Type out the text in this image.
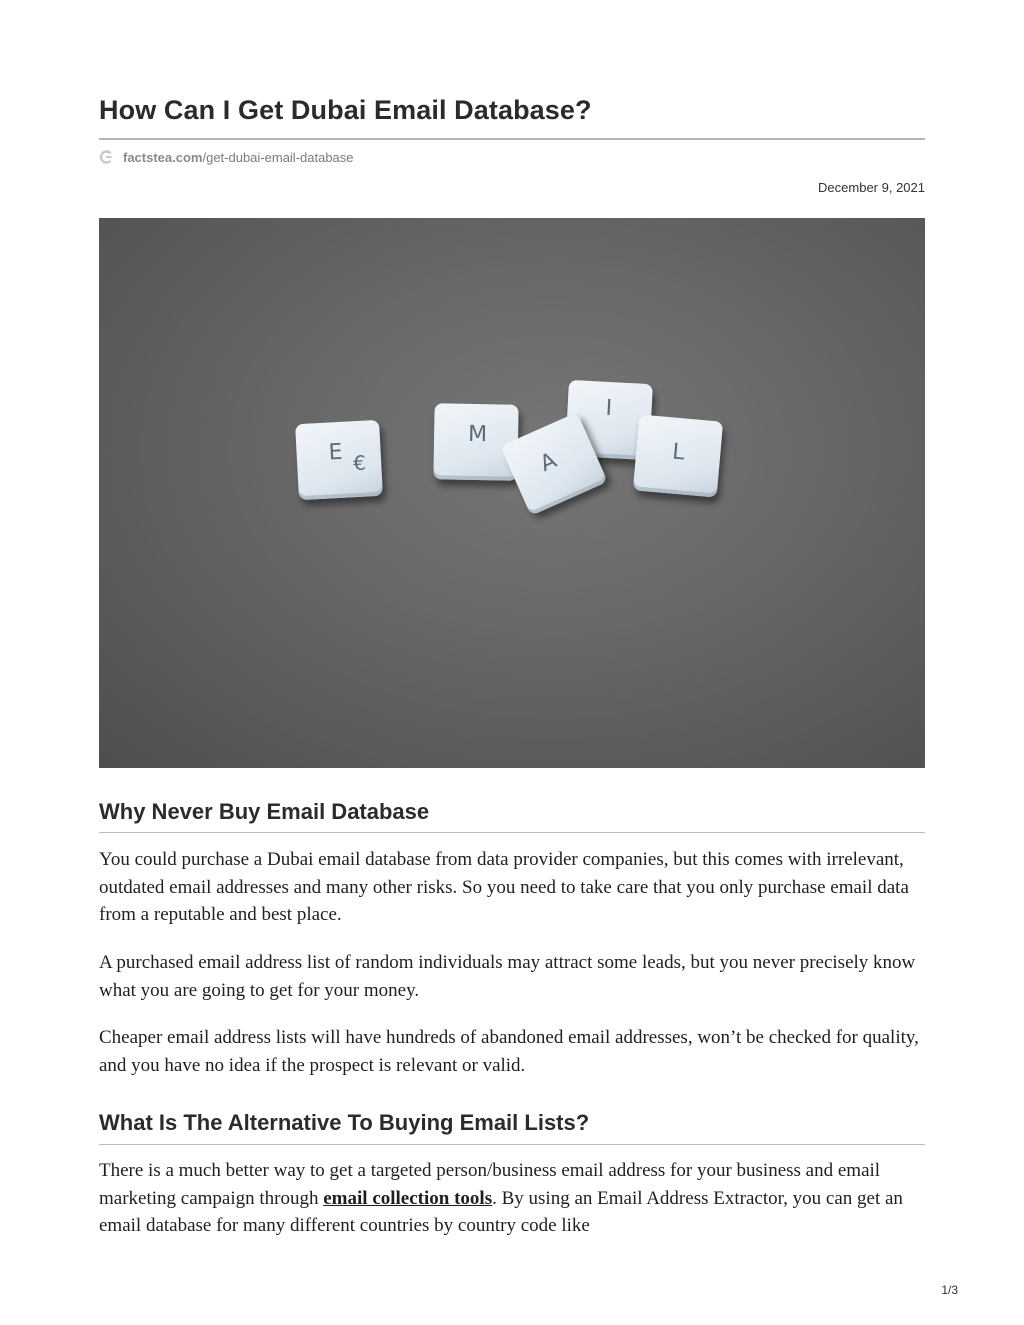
How Can I Get Dubai Email Database?
factstea.com /get-dubai-email-database
December 9, 2021
E €
M
I
A	L
Why Never Buy Email Database

You could purchase a Dubai email database from data provider companies, but this comes with irrelevant, outdated email addresses and many other risks. So you need to take care that you only purchase email data from a reputable and best place.

A purchased email address list of random individuals may attract some leads, but you never precisely know what you are going to get for your money.

Cheaper email address lists will have hundreds of abandoned email addresses, won’t be checked for quality, and you have no idea if the prospect is relevant or valid.

What Is The Alternative To Buying Email Lists?

There is a much better way to get a targeted person/business email address for your business and email marketing campaign through email collection tools. By using an Email Address Extractor, you can get an email database for many different countries by country code like

1/3
